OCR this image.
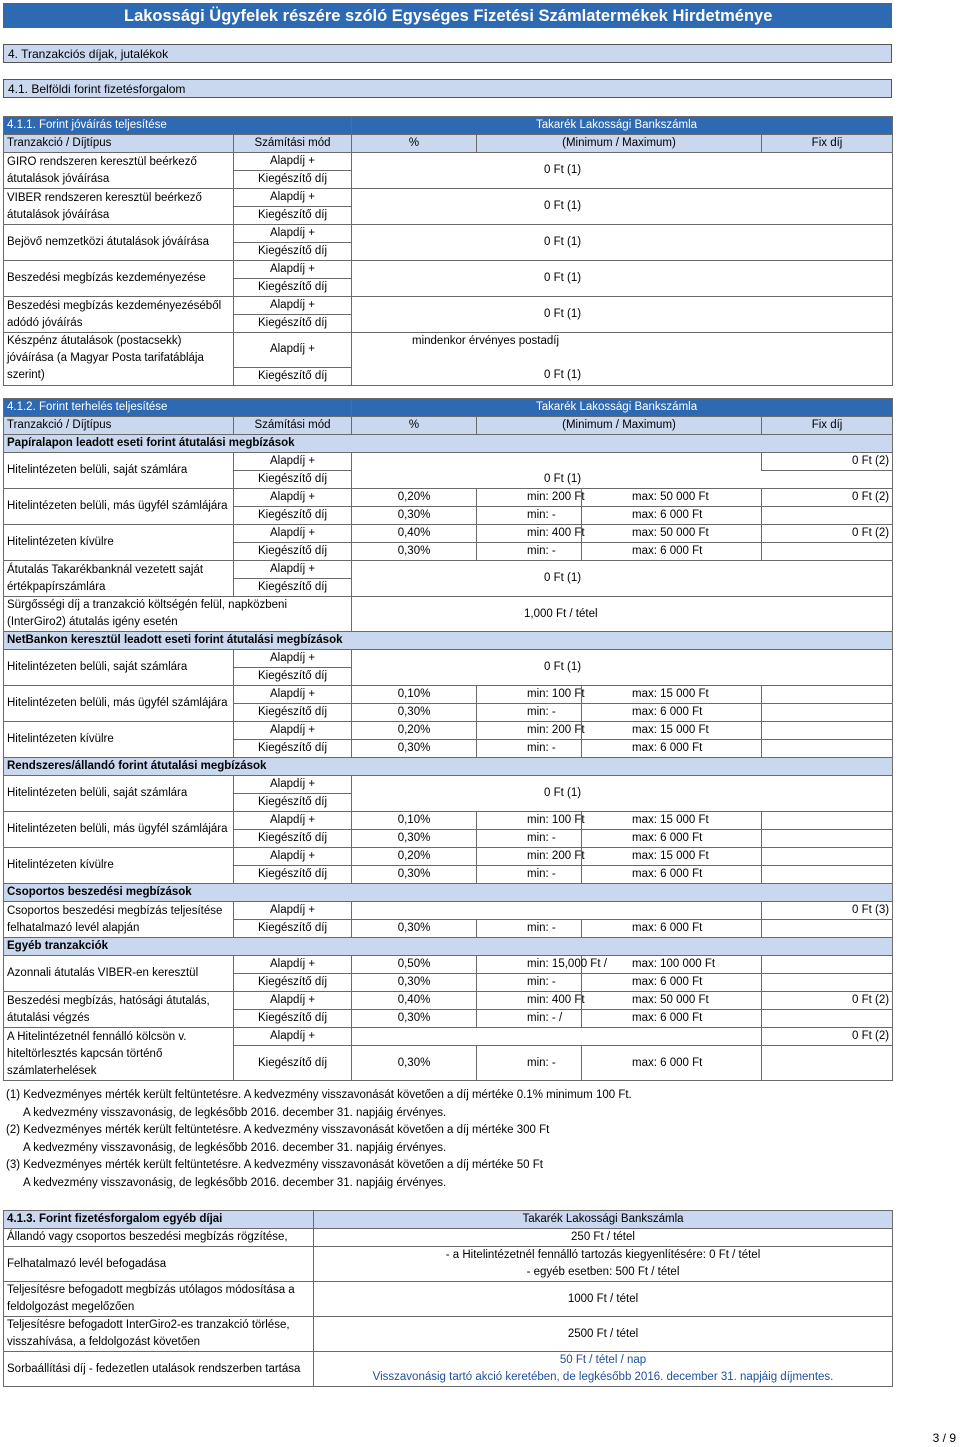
Lakossági Ügyfelek részére szóló Egységes Fizetési Számlatermékek Hirdetménye
4. Tranzakciós díjak, jutalékok
4.1. Belföldi forint fizetésforgalom
4.1.1. Forint jóváírás teljesítése		Takarék Lakossági Bankszámla		
Tranzakció / Díjtípus	Számítási mód	%	(Minimum / Maximum)	Fix díj
GIRO rendszeren keresztül beérkező átutalások jóváírása	Alapdíj +	0 Ft (1)		
	Kiegészítő díj			
VIBER rendszeren keresztül beérkező átutalások jóváírása	Alapdíj +	0 Ft (1)		
	Kiegészítő díj			
Bejövő nemzetközi átutalások jóváírása	Alapdíj +	0 Ft (1)		
	Kiegészítő díj			
Beszedési megbízás kezdeményezése	Alapdíj +	0 Ft (1)		
	Kiegészítő díj			
Beszedési megbízás kezdeményezéséből adódó jóváírás	Alapdíj +	0 Ft (1)		
	Kiegészítő díj			
Készpénz átutalások (postacsekk) jóváírása (a Magyar Posta tarifatáblája szerint)	Alapdíj +	mindenkor érvényes postadíj		

	Kiegészítő díj	0 Ft (1)		
4.1.2. Forint terhelés teljesítése		Takarék Lakossági Bankszámla			
Tranzakció / Díjtípus	Számítási mód	%	(Minimum / Maximum)		Fix díj
Papíralapon leadott eseti forint átutalási megbízások					
Hitelintézeten belüli, saját számlára	Alapdíj +				0 Ft (2)
	Kiegészítő díj	0 Ft (1)			
Hitelintézeten belüli, más ügyfél számlájára	Alapdíj +	0,20%	min: 200 Ft	max: 50 000 Ft	0 Ft (2)
	Kiegészítő díj	0,30%	min: -	max: 6 000 Ft	
Hitelintézeten kívülre	Alapdíj +	0,40%	min: 400 Ft	max: 50 000 Ft	0 Ft (2)
	Kiegészítő díj	0,30%	min: -	max: 6 000 Ft	
Átutalás Takarékbanknál vezetett saját értékpapírszámlára	Alapdíj +	0 Ft (1)			
	Kiegészítő díj				
Sürgősségi díj a tranzakció költségén felül, napközbeni (InterGiro2) átutalás igény esetén		1,000 Ft / tétel			
NetBankon keresztül leadott eseti forint átutalási megbízások					
Hitelintézeten belüli, saját számlára	Alapdíj +	0 Ft (1)			
	Kiegészítő díj				
Hitelintézeten belüli, más ügyfél számlájára	Alapdíj +	0,10%	min: 100 Ft	max: 15 000 Ft	
	Kiegészítő díj	0,30%	min: -	max: 6 000 Ft	
Hitelintézeten kívülre	Alapdíj +	0,20%	min: 200 Ft	max: 15 000 Ft	
	Kiegészítő díj	0,30%	min: -	max: 6 000 Ft	
Rendszeres/állandó forint átutalási megbízások					
Hitelintézeten belüli, saját számlára	Alapdíj +	0 Ft (1)			
	Kiegészítő díj				
Hitelintézeten belüli, más ügyfél számlájára	Alapdíj +	0,10%	min: 100 Ft	max: 15 000 Ft	
	Kiegészítő díj	0,30%	min: -	max: 6 000 Ft	
Hitelintézeten kívülre	Alapdíj +	0,20%	min: 200 Ft	max: 15 000 Ft	
	Kiegészítő díj	0,30%	min: -	max: 6 000 Ft	
Csoportos beszedési megbízások					
Csoportos beszedési megbízás teljesítése felhatalmazó levél alapján	Alapdíj +				0 Ft (3)
	Kiegészítő díj	0,30%	min: -	max: 6 000 Ft	
Egyéb tranzakciók					
Azonnali átutalás VIBER-en keresztül	Alapdíj +	0,50%	min: 15,000 Ft /	max: 100 000 Ft	
	Kiegészítő díj	0,30%	min: -	max: 6 000 Ft	
Beszedési megbízás, hatósági átutalás, átutalási végzés	Alapdíj +	0,40%	min: 400 Ft	max: 50 000 Ft	0 Ft (2)
	Kiegészítő díj	0,30%	min: - /	max: 6 000 Ft	
A Hitelintézetnél fennálló kölcsön v. hiteltörlesztés kapcsán történő számlaterhelések	Alapdíj +				0 Ft (2)
	Kiegészítő díj	0,30%	min: -	max: 6 000 Ft	
(1) Kedvezményes mérték került feltüntetésre. A kedvezmény visszavonását követően a díj mértéke 0.1% minimum 100 Ft.
A kedvezmény visszavonásig, de legkésőbb 2016. december 31. napjáig érvényes.
(2) Kedvezményes mérték került feltüntetésre. A kedvezmény visszavonását követően a díj mértéke 300 Ft
A kedvezmény visszavonásig, de legkésőbb 2016. december 31. napjáig érvényes.
(3) Kedvezményes mérték került feltüntetésre. A kedvezmény visszavonását követően a díj mértéke 50 Ft
A kedvezmény visszavonásig, de legkésőbb 2016. december 31. napjáig érvényes.
4.1.3. Forint fizetésforgalom egyéb díjai	Takarék Lakossági Bankszámla
Állandó vagy csoportos beszedési megbízás rögzítése,	250 Ft / tétel
Felhatalmazó levél befogadása	- a Hitelintézetnél fennálló tartozás kiegyenlítésére: 0 Ft / tétel
- egyéb esetben: 500 Ft / tétel

Teljesítésre befogadott megbízás utólagos módosítása a feldolgozást megelőzően	1000 Ft / tétel
Teljesítésre befogadott InterGiro2-es tranzakció törlése, visszahívása, a feldolgozást követően	2500 Ft / tétel
Sorbaállítási díj - fedezetlen utalások rendszerben tartása	50 Ft / tétel / nap
Visszavonásig tartó akció keretében, de legkésőbb 2016. december 31. napjáig díjmentes.
3 / 9
